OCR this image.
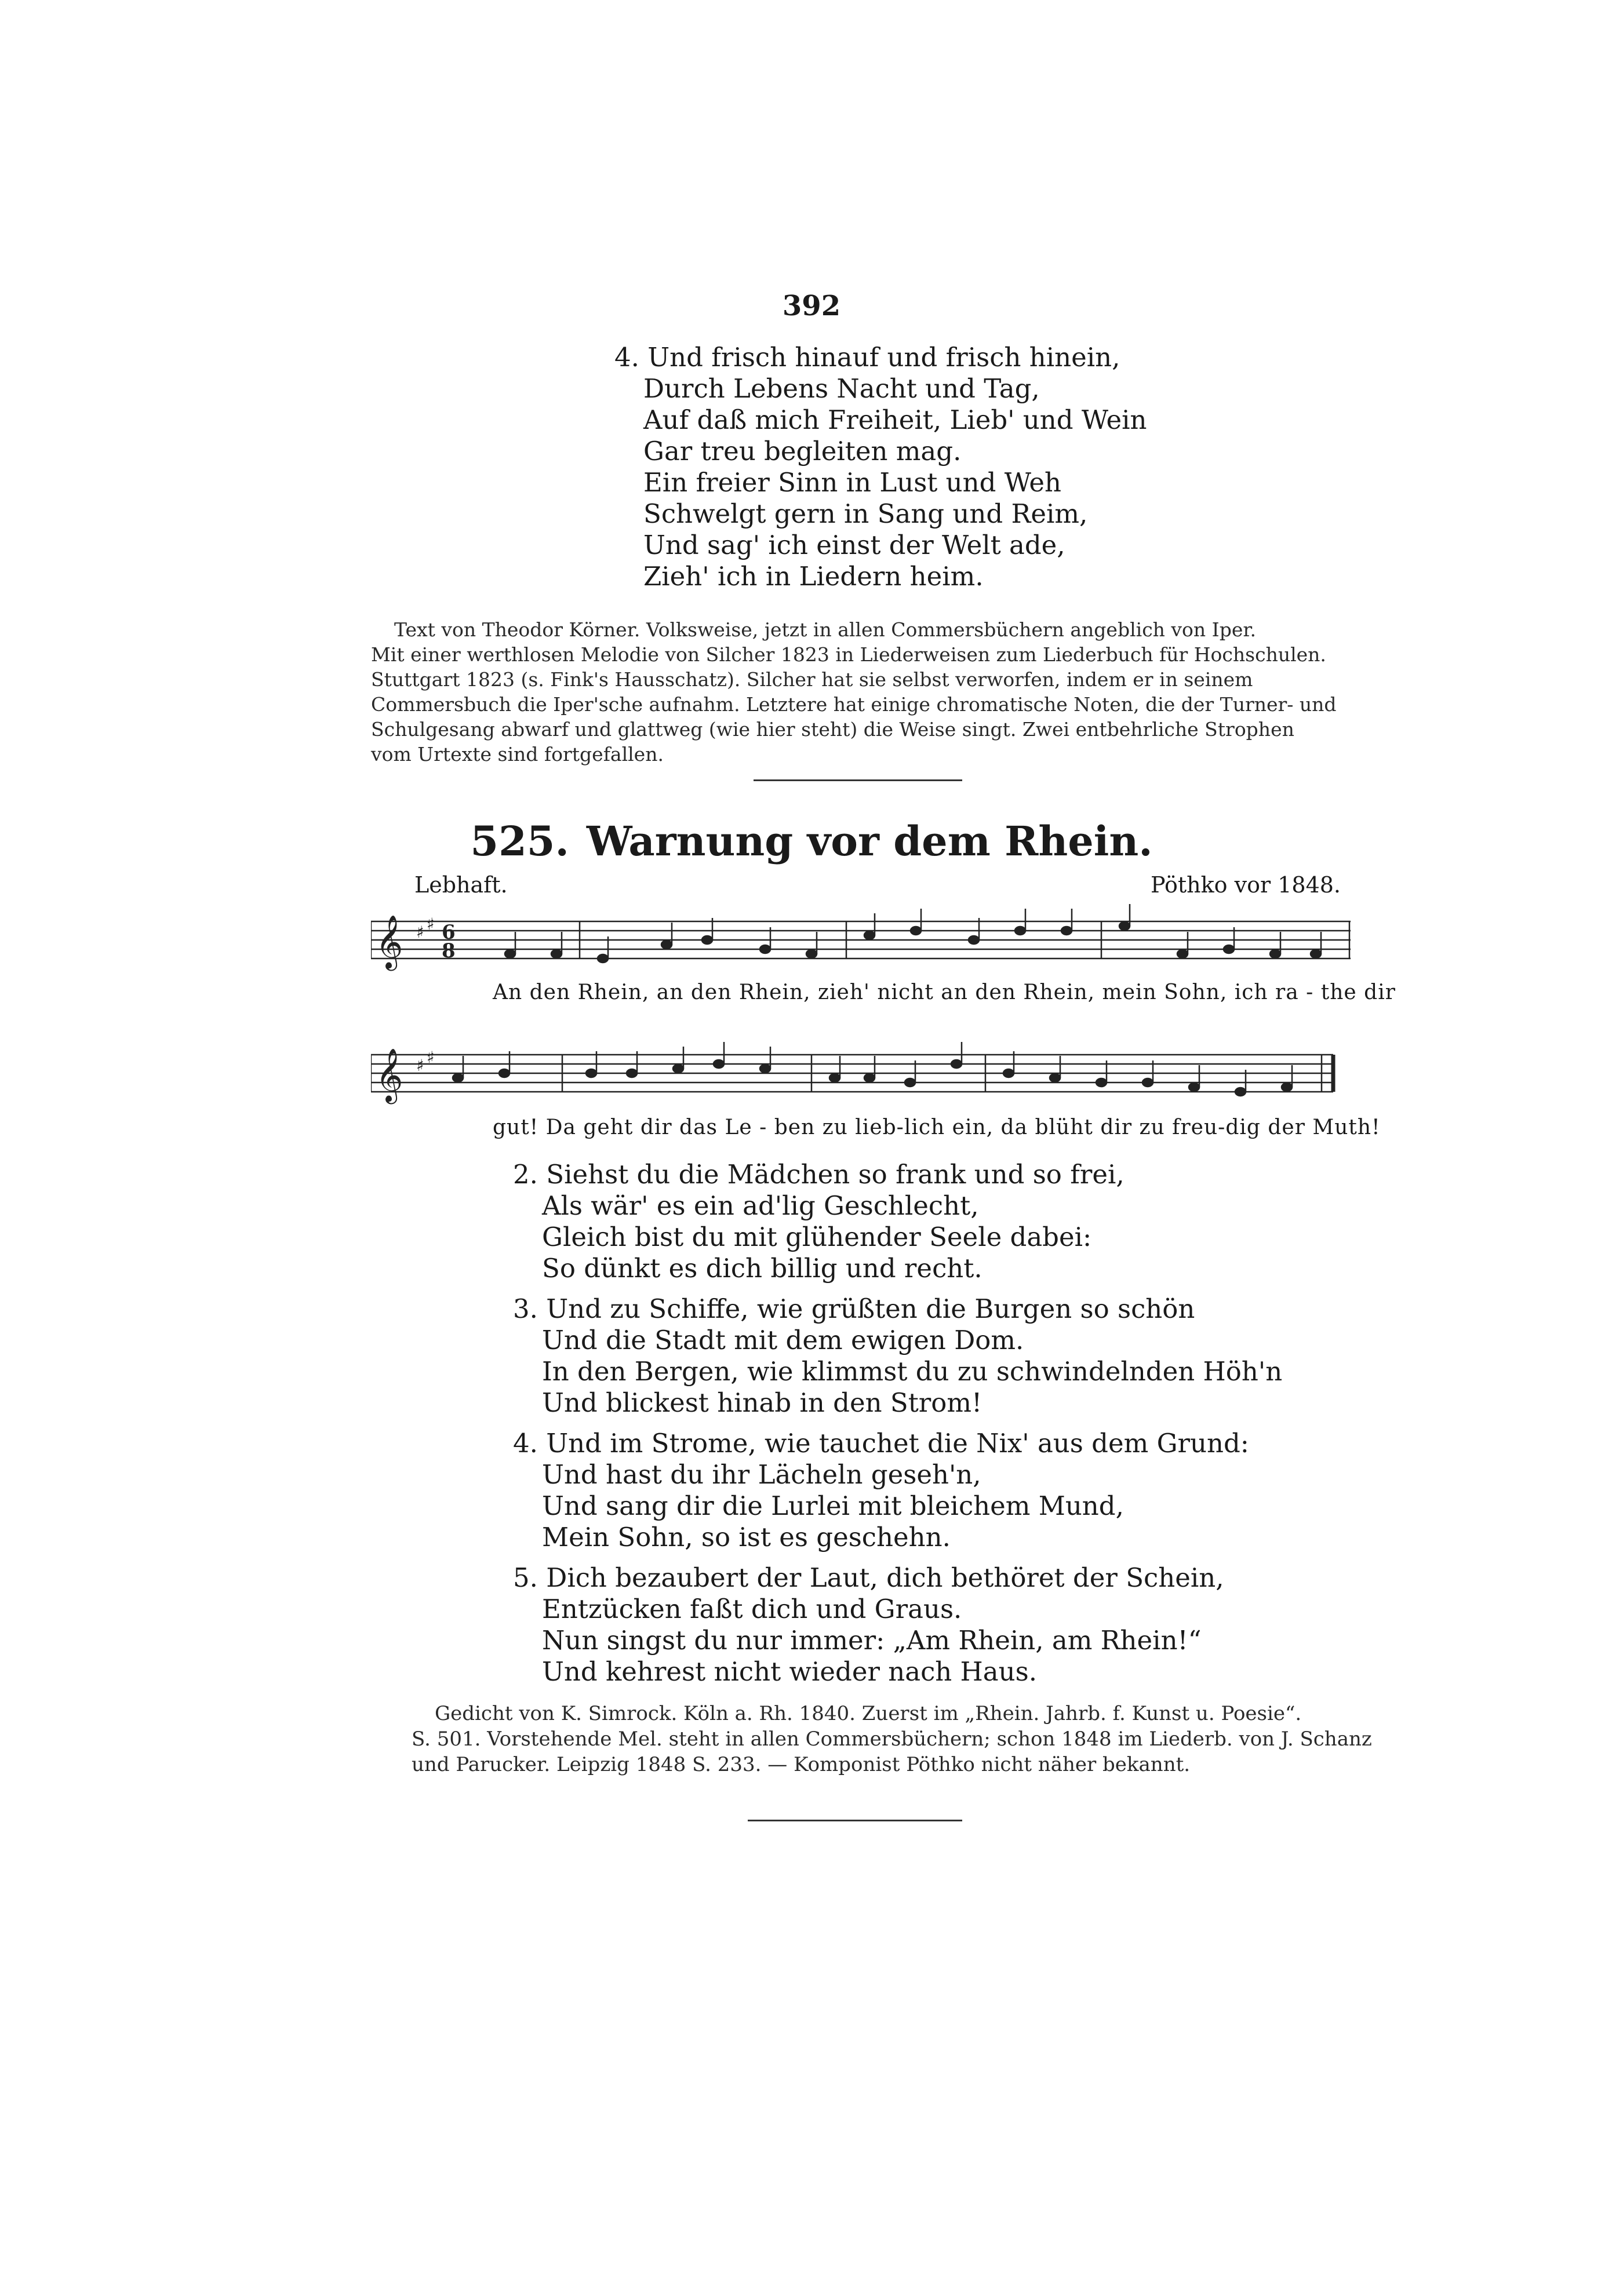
392
4. Und frisch hinauf und frisch hinein,
Durch Lebens Nacht und Tag,
Auf daß mich Freiheit, Lieb' und Wein
Gar treu begleiten mag.
Ein freier Sinn in Lust und Weh
Schwelgt gern in Sang und Reim,
Und sag' ich einst der Welt ade,
Zieh' ich in Liedern heim.
Text von Theodor Körner. Volksweise, jetzt in allen Commersbüchern angeblich von Iper.
Mit einer werthlosen Melodie von Silcher 1823 in Liederweisen zum Liederbuch für Hochschulen.
Stuttgart 1823 (s. Fink's Hausschatz). Silcher hat sie selbst verworfen, indem er in seinem
Commersbuch die Iper'sche aufnahm. Letztere hat einige chromatische Noten, die der Turner- und
Schulgesang abwarf und glattweg (wie hier steht) die Weise singt. Zwei entbehrliche Strophen
vom Urtexte sind fortgefallen.
525. Warnung vor dem Rhein.
Lebhaft.	Pöthko vor 1848.
𝄞 ♯ ♯ 6
8
An den Rhein, an den Rhein, zieh' nicht an den Rhein, mein Sohn, ich ra - the dir
𝄞 ♯ ♯
gut! Da geht dir das Le - ben zu lieb-lich ein, da blüht dir zu freu-dig der Muth!
2. Siehst du die Mädchen so frank und so frei,
Als wär' es ein ad'lig Geschlecht,
Gleich bist du mit glühender Seele dabei:
So dünkt es dich billig und recht.
3. Und zu Schiffe, wie grüßten die Burgen so schön
Und die Stadt mit dem ewigen Dom.
In den Bergen, wie klimmst du zu schwindelnden Höh'n
Und blickest hinab in den Strom!
4. Und im Strome, wie tauchet die Nix' aus dem Grund:
Und hast du ihr Lächeln geseh'n,
Und sang dir die Lurlei mit bleichem Mund,
Mein Sohn, so ist es geschehn.
5. Dich bezaubert der Laut, dich bethöret der Schein,
Entzücken faßt dich und Graus.
Nun singst du nur immer: „Am Rhein, am Rhein!“
Und kehrest nicht wieder nach Haus.
Gedicht von K. Simrock. Köln a. Rh. 1840. Zuerst im „Rhein. Jahrb. f. Kunst u. Poesie“.
S. 501. Vorstehende Mel. steht in allen Commersbüchern; schon 1848 im Liederb. von J. Schanz
und Parucker. Leipzig 1848 S. 233. — Komponist Pöthko nicht näher bekannt.
